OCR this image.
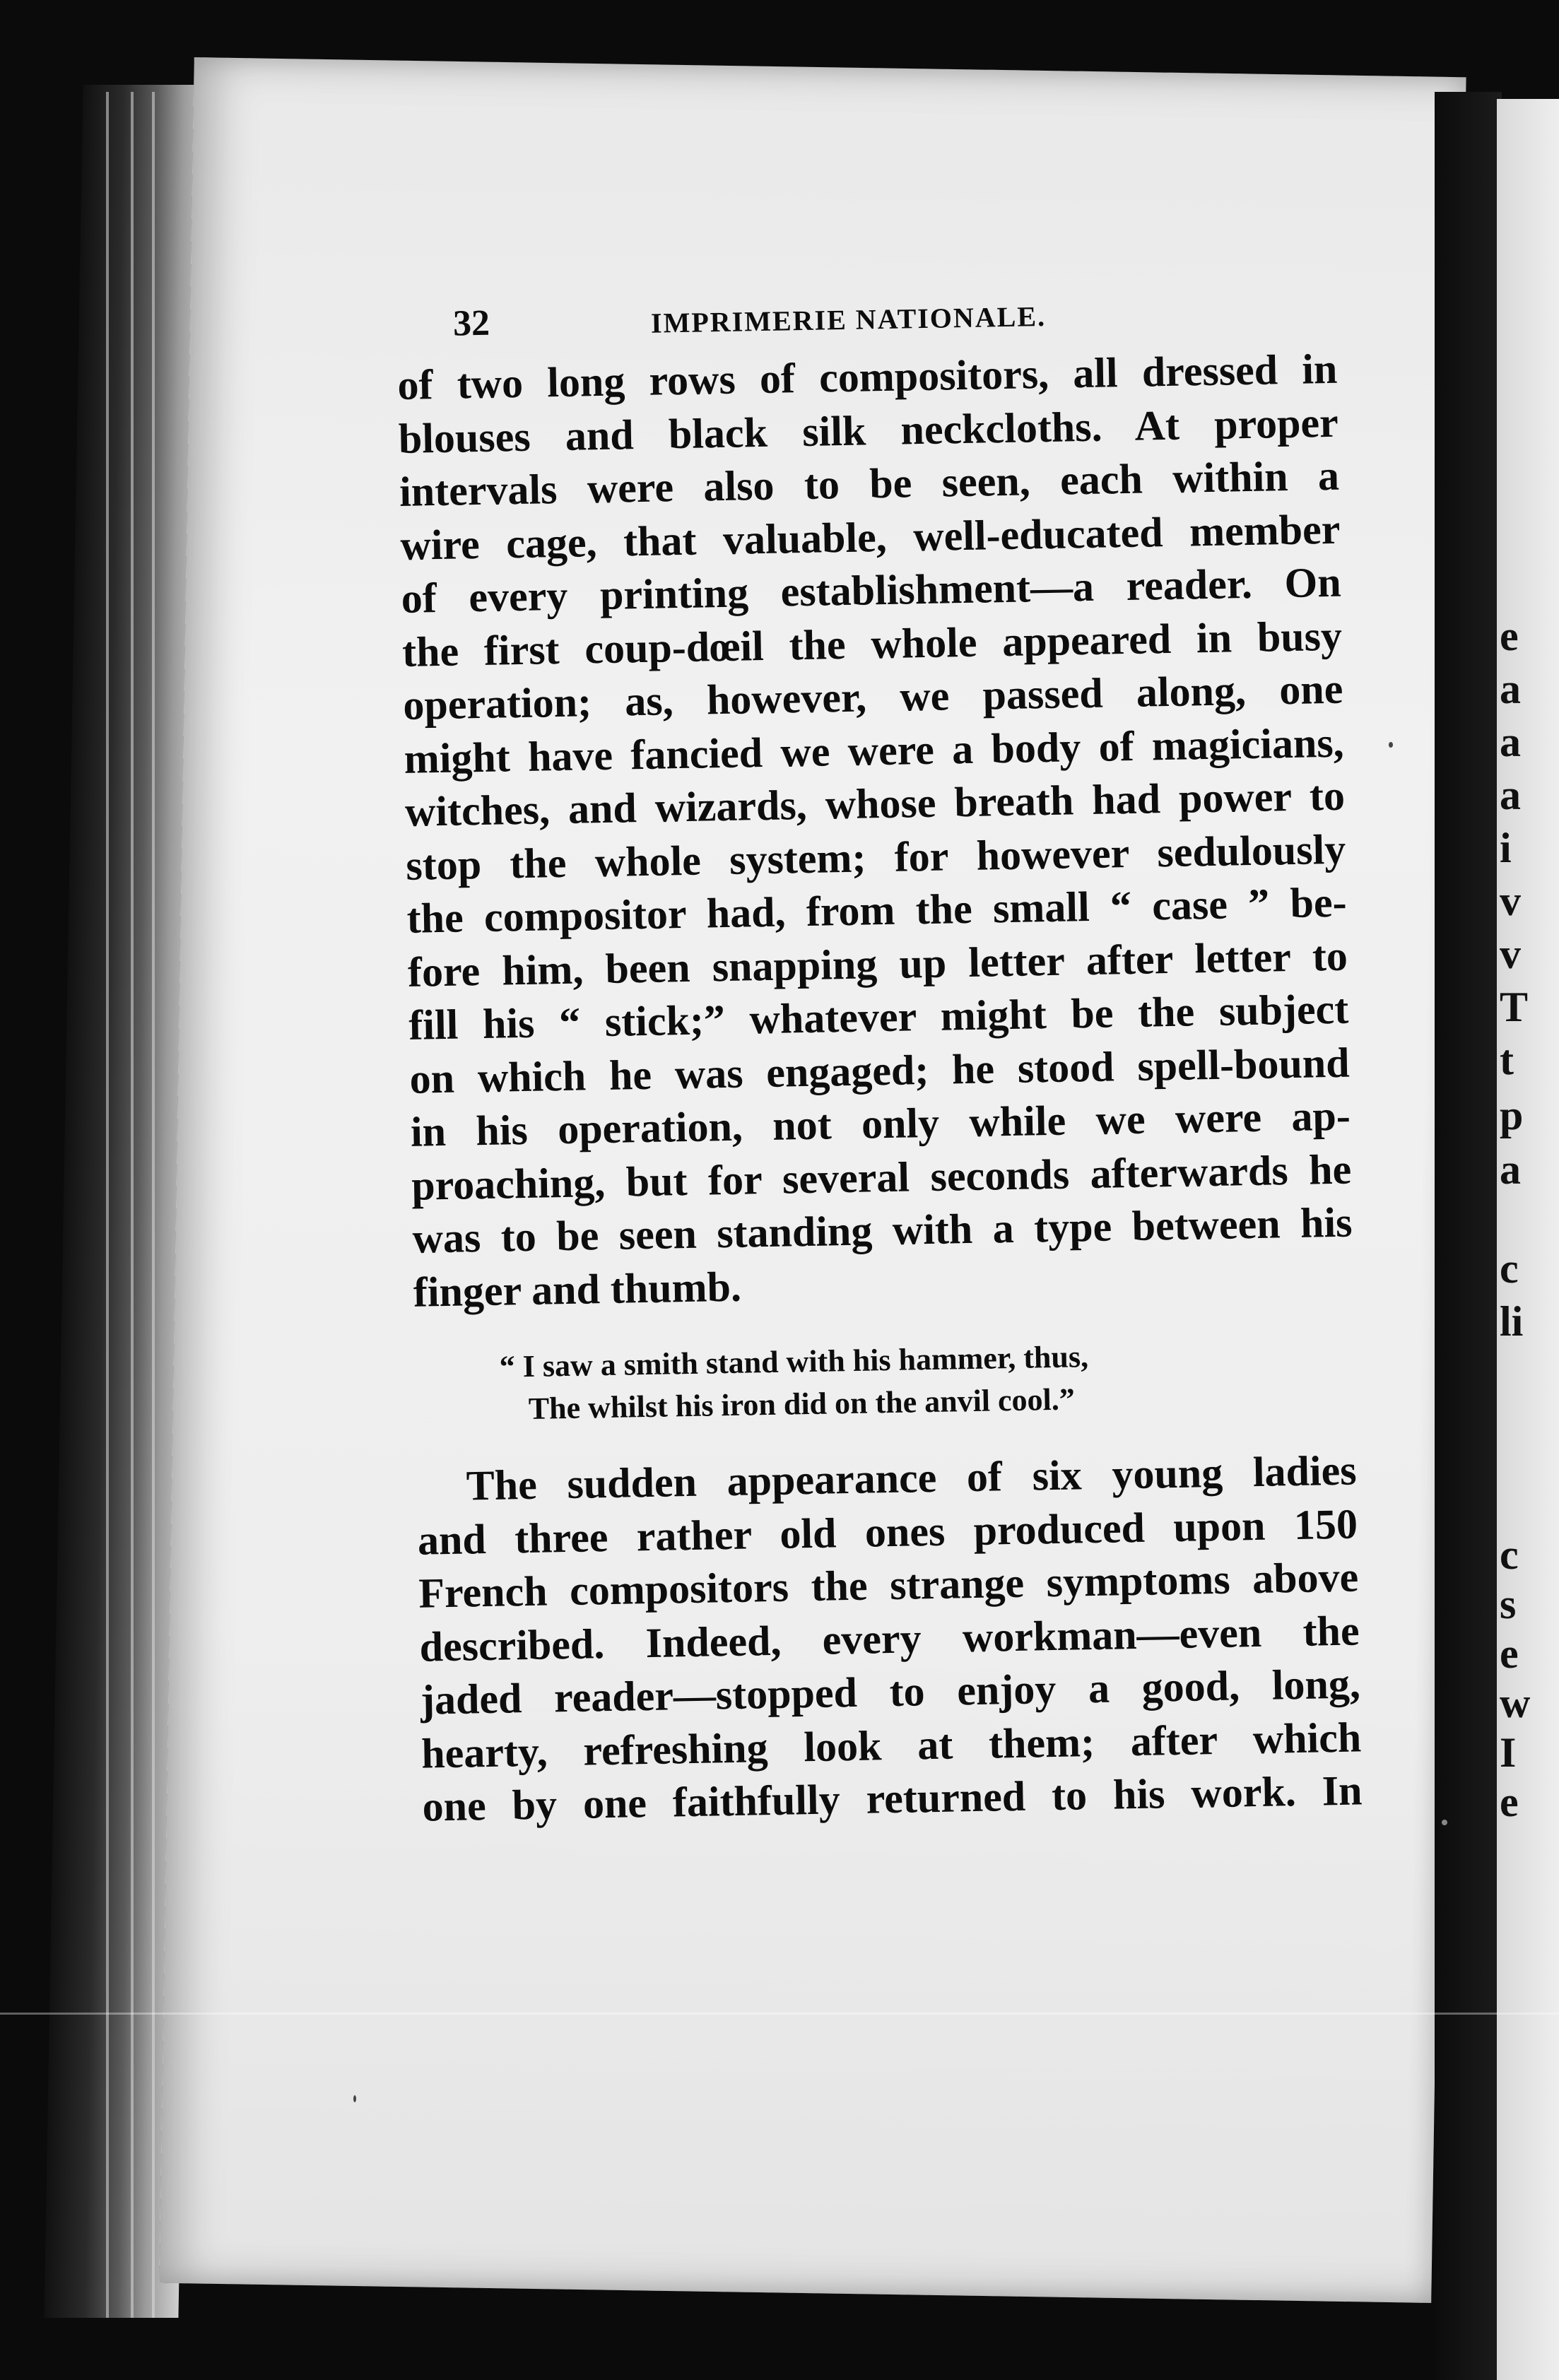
e
a
a
a
i
v
v
T
t
p
a
c
li
c
s
e
w
I
e
32	IMPRIMERIE NATIONALE.

of two long rows of compositors, all dressed in
blouses and black silk neckcloths. At proper
intervals were also to be seen, each within a
wire cage, that valuable, well-educated member
of every printing establishment—a reader. On
the first coup-dœil the whole appeared in busy
operation; as, however, we passed along, one
might have fancied we were a body of magicians,
witches, and wizards, whose breath had power to
stop the whole system; for however sedulously
the compositor had, from the small “ case ” be-
fore him, been snapping up letter after letter to
fill his “ stick;” whatever might be the subject
on which he was engaged; he stood spell-bound
in his operation, not only while we were ap-
proaching, but for several seconds afterwards he
was to be seen standing with a type between his
finger and thumb.

“ I saw a smith stand with his hammer, thus,
The whilst his iron did on the anvil cool.”

The sudden appearance of six young ladies
and three rather old ones produced upon 150
French compositors the strange symptoms above
described. Indeed, every workman—even the
jaded reader—stopped to enjoy a good, long,
hearty, refreshing look at them; after which
one by one faithfully returned to his work. In
